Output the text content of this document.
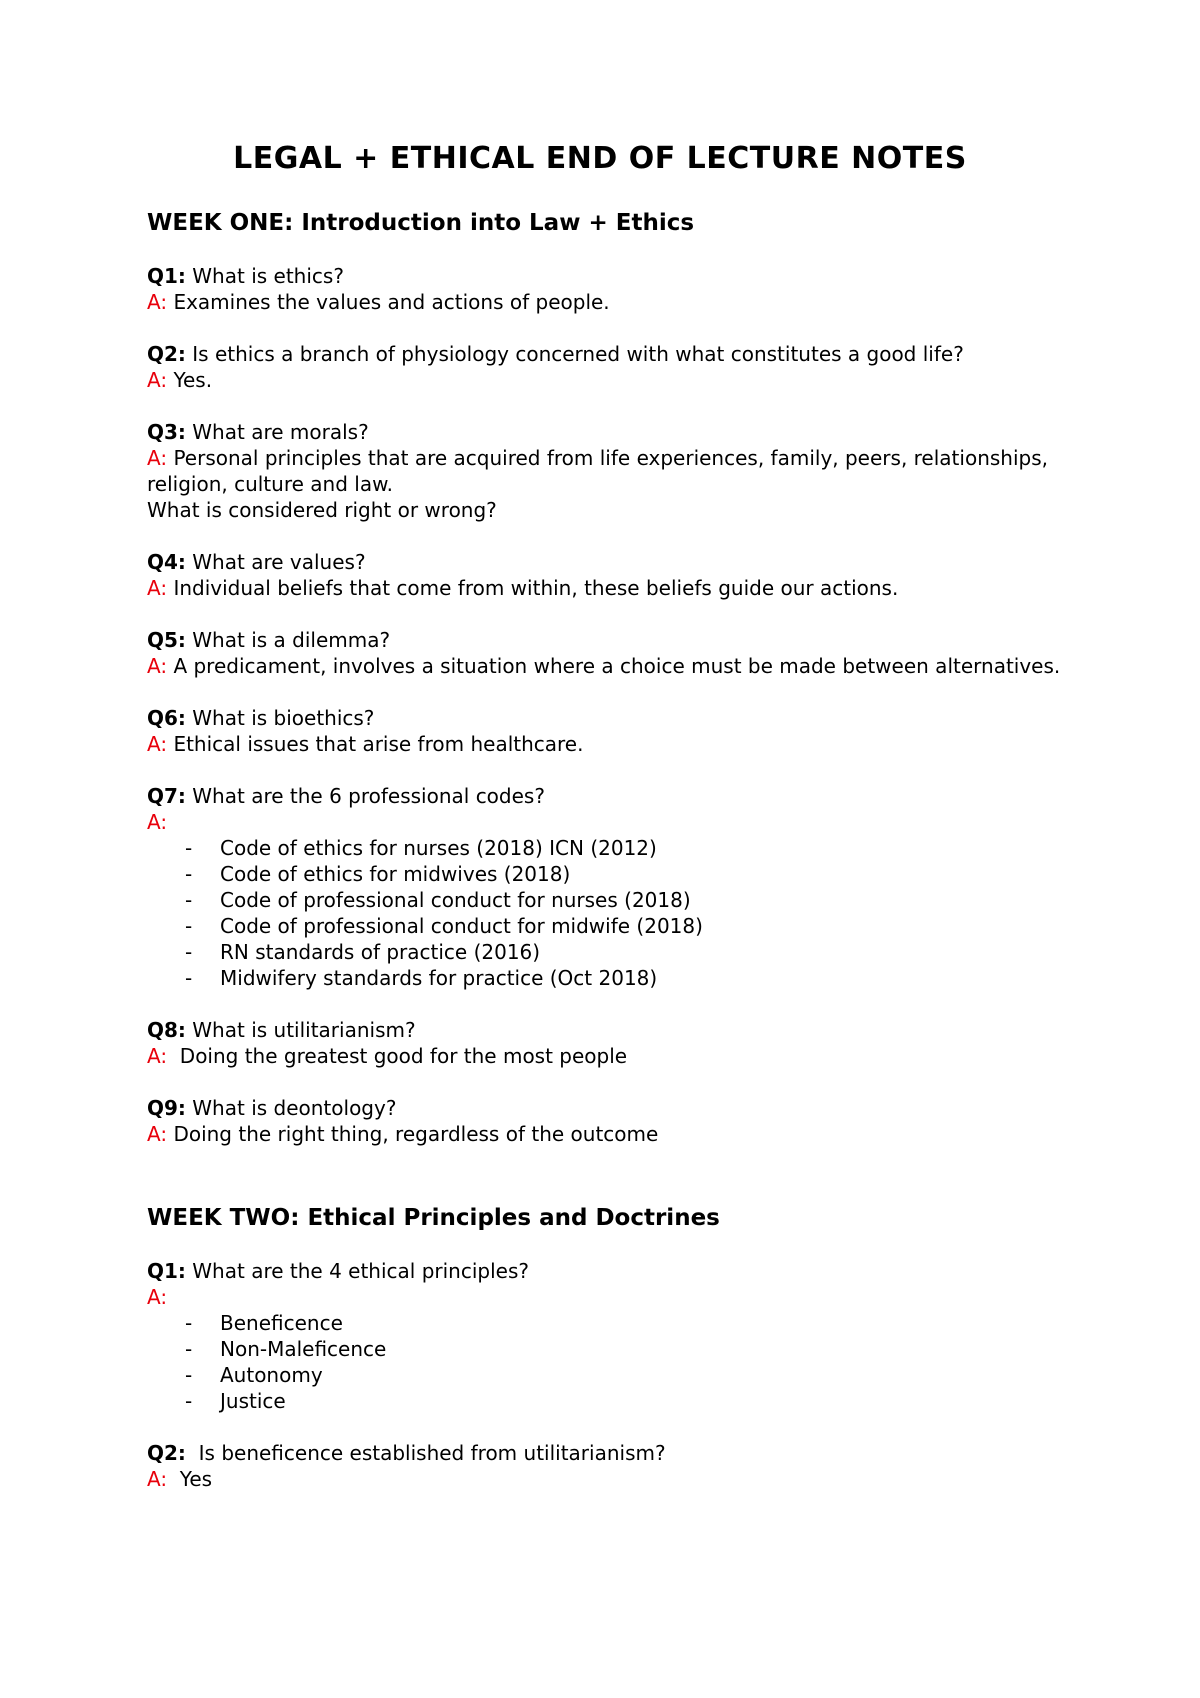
LEGAL + ETHICAL END OF LECTURE NOTES
WEEK ONE: Introduction into Law + Ethics
Q1: What is ethics?
A: Examines the values and actions of people.
Q2: Is ethics a branch of physiology concerned with what constitutes a good life?
A: Yes.
Q3: What are morals?
A: Personal principles that are acquired from life experiences, family, peers, relationships, religion, culture and law.
What is considered right or wrong?
Q4: What are values?
A: Individual beliefs that come from within, these beliefs guide our actions.
Q5: What is a dilemma?
A: A predicament, involves a situation where a choice must be made between alternatives.
Q6: What is bioethics?
A: Ethical issues that arise from healthcare.
Q7: What are the 6 professional codes?
A:
- Code of ethics for nurses (2018) ICN (2012)
- Code of ethics for midwives (2018)
- Code of professional conduct for nurses (2018)
- Code of professional conduct for midwife (2018)
- RN standards of practice (2016)
- Midwifery standards for practice (Oct 2018)
Q8: What is utilitarianism?
A: Doing the greatest good for the most people
Q9: What is deontology?
A: Doing the right thing, regardless of the outcome
WEEK TWO: Ethical Principles and Doctrines
Q1: What are the 4 ethical principles?
A:
- Beneficence
- Non-Maleficence
- Autonomy
- Justice
Q2: Is beneficence established from utilitarianism?
A: Yes
